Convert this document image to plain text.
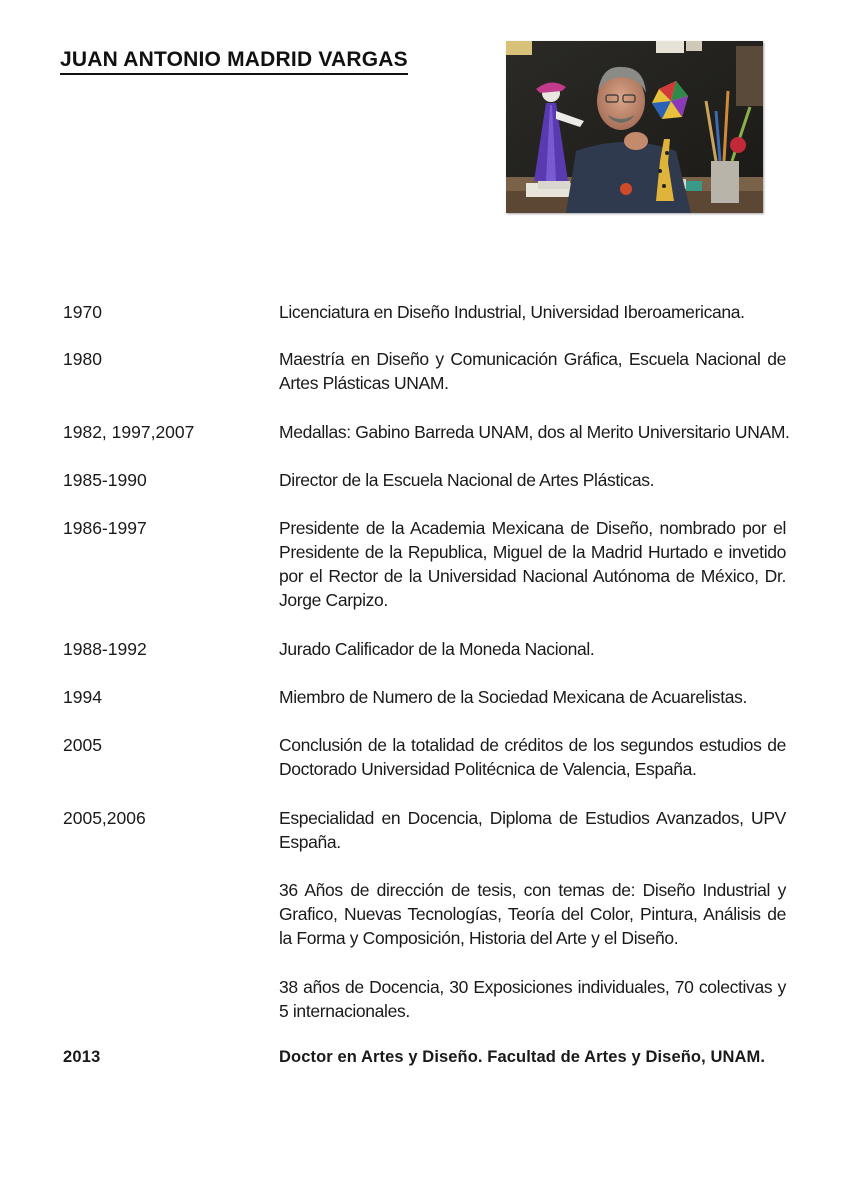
JUAN ANTONIO MADRID VARGAS
1970	Licenciatura en Diseño Industrial, Universidad Iberoamericana.
1980	Maestría en Diseño y Comunicación Gráfica, Escuela Nacional de Artes Plásticas UNAM.
1982, 1997,2007	Medallas: Gabino Barreda UNAM, dos al Merito Universitario UNAM.
1985-1990	Director de la Escuela Nacional de Artes Plásticas.
1986-1997	Presidente de la Academia Mexicana de Diseño, nombrado por el Presidente de la Republica, Miguel de la Madrid Hurtado e invetido por el Rector de la Universidad Nacional Autónoma de México, Dr. Jorge Carpizo.
1988-1992	Jurado Calificador de la Moneda Nacional.
1994	Miembro de Numero de la Sociedad Mexicana de Acuarelistas.
2005	Conclusión de la totalidad de créditos de los segundos estudios de Doctorado Universidad Politécnica de Valencia, España.
2005,2006	Especialidad en Docencia, Diploma de Estudios Avanzados, UPV España.
36 Años de dirección de tesis, con temas de: Diseño Industrial y Grafico, Nuevas Tecnologías, Teoría del Color, Pintura, Análisis de la Forma y Composición, Historia del Arte y el Diseño.
38 años de Docencia, 30 Exposiciones individuales, 70 colectivas y 5 internacionales.
2013	Doctor en Artes y Diseño. Facultad de Artes y Diseño, UNAM.
